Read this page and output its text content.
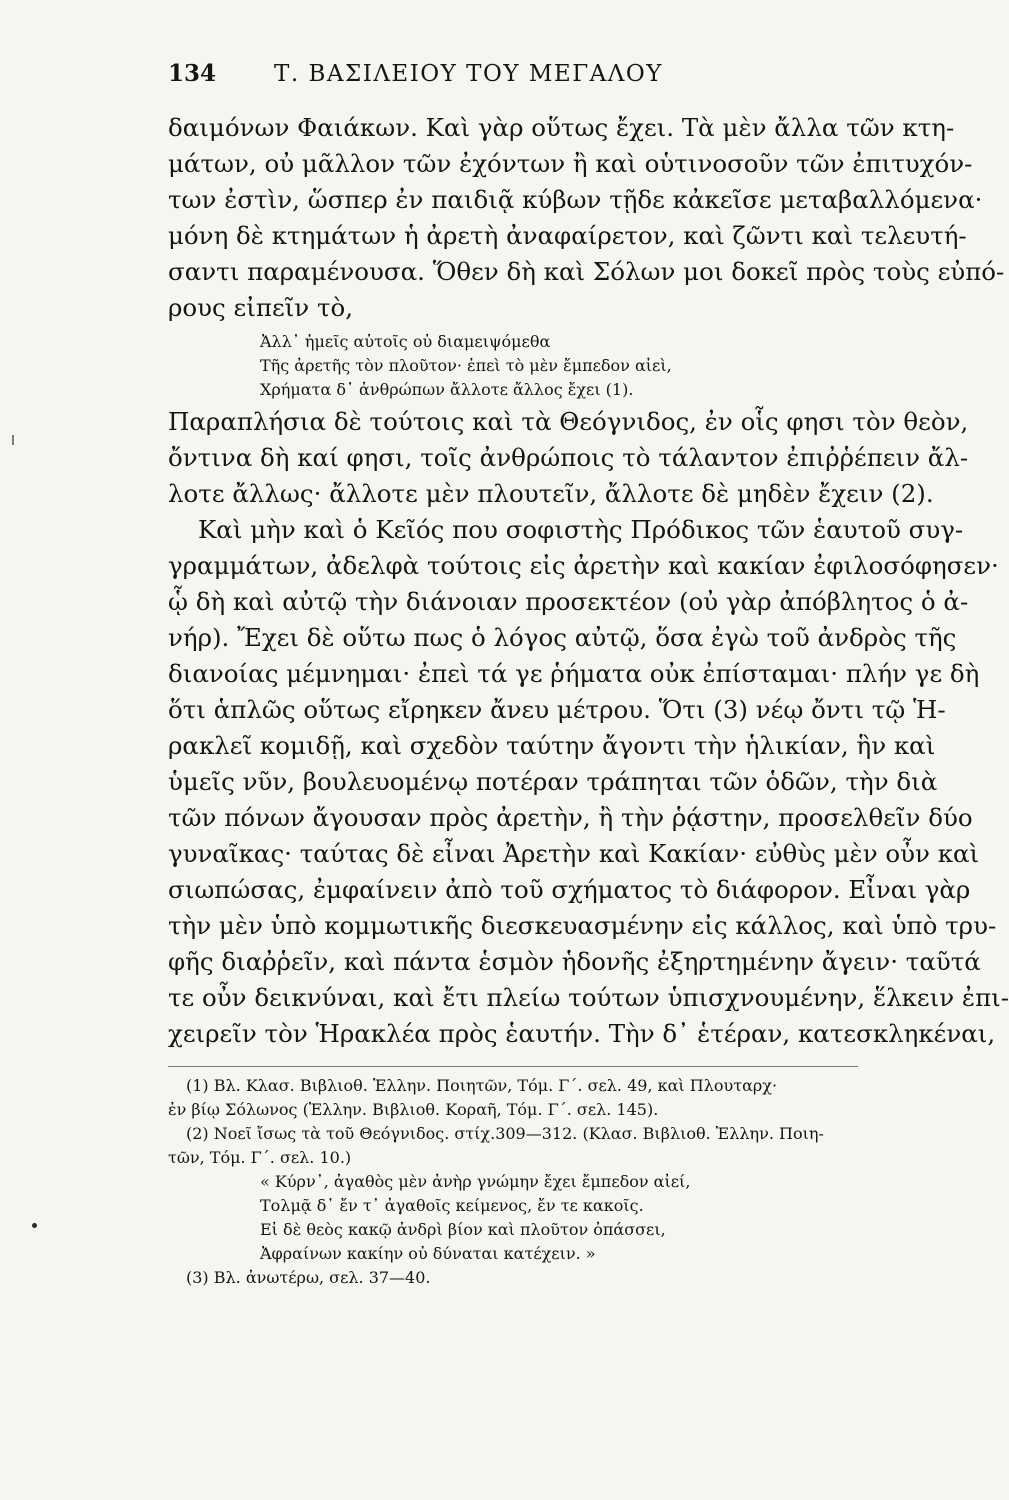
134	Τ. ΒΑΣΙΛΕΙΟΥ ΤΟΥ ΜΕΓΑΛΟΥ
δαιμόνων Φαιάκων. Καὶ γὰρ οὕτως ἔχει. Τὰ μὲν ἄλλα τῶν κτη-
μάτων, οὐ μᾶλλον τῶν ἐχόντων ἢ καὶ οὑτινοσοῦν τῶν ἐπιτυχόν-
των ἐστὶν, ὥσπερ ἐν παιδιᾷ κύβων τῇδε κἀκεῖσε μεταβαλλόμενα·
μόνη δὲ κτημάτων ἡ ἀρετὴ ἀναφαίρετον, καὶ ζῶντι καὶ τελευτή-
σαντι παραμένουσα. Ὅθεν δὴ καὶ Σόλων μοι δοκεῖ πρὸς τοὺς εὐπό-
ρους εἰπεῖν τὸ,
Ἀλλ᾽ ἡμεῖς αὐτοῖς οὐ διαμειψόμεθα
Τῆς ἀρετῆς τὸν πλοῦτον· ἐπεὶ τὸ μὲν ἔμπεδον αἰεὶ,
Χρήματα δ᾽ ἀνθρώπων ἄλλοτε ἄλλος ἔχει (1).
Παραπλήσια δὲ τούτοις καὶ τὰ Θεόγνιδος, ἐν οἷς φησι τὸν θεὸν,
ὄντινα δὴ καί φησι, τοῖς ἀνθρώποις τὸ τάλαντον ἐπιῤῥέπειν ἄλ-
λοτε ἄλλως· ἄλλοτε μὲν πλουτεῖν, ἄλλοτε δὲ μηδὲν ἔχειν (2).
Καὶ μὴν καὶ ὁ Κεῖός που σοφιστὴς Πρόδικος τῶν ἑαυτοῦ συγ-
γραμμάτων, ἀδελφὰ τούτοις εἰς ἀρετὴν καὶ κακίαν ἐφιλοσόφησεν·
ᾧ δὴ καὶ αὐτῷ τὴν διάνοιαν προσεκτέον (οὐ γὰρ ἀπόβλητος ὁ ἀ-
νήρ). Ἔχει δὲ οὕτω πως ὁ λόγος αὐτῷ, ὅσα ἐγὼ τοῦ ἀνδρὸς τῆς
διανοίας μέμνημαι· ἐπεὶ τά γε ῥήματα οὐκ ἐπίσταμαι· πλήν γε δὴ
ὅτι ἁπλῶς οὕτως εἴρηκεν ἄνευ μέτρου. Ὅτι (3) νέῳ ὄντι τῷ Ἡ-
ρακλεῖ κομιδῇ, καὶ σχεδὸν ταύτην ἄγοντι τὴν ἡλικίαν, ἣν καὶ
ὑμεῖς νῦν, βουλευομένῳ ποτέραν τράπηται τῶν ὁδῶν, τὴν διὰ
τῶν πόνων ἄγουσαν πρὸς ἀρετὴν, ἢ τὴν ῥᾴστην, προσελθεῖν δύο
γυναῖκας· ταύτας δὲ εἶναι Ἀρετὴν καὶ Κακίαν· εὐθὺς μὲν οὖν καὶ
σιωπώσας, ἐμφαίνειν ἀπὸ τοῦ σχήματος τὸ διάφορον. Εἶναι γὰρ
τὴν μὲν ὑπὸ κομμωτικῆς διεσκευασμένην εἰς κάλλος, καὶ ὑπὸ τρυ-
φῆς διαῤῥεῖν, καὶ πάντα ἑσμὸν ἡδονῆς ἐξηρτημένην ἄγειν· ταῦτά
τε οὖν δεικνύναι, καὶ ἔτι πλείω τούτων ὑπισχνουμένην, ἕλκειν ἐπι-
χειρεῖν τὸν Ἡρακλέα πρὸς ἑαυτήν. Τὴν δ᾽ ἑτέραν, κατεσκληκέναι,
(1) Βλ. Κλασ. Βιβλιοθ. Ἑλλην. Ποιητῶν, Τόμ. Γ΄. σελ. 49, καὶ Πλουταρχ·
ἐν βίῳ Σόλωνος (Ἑλλην. Βιβλιοθ. Κοραῆ, Τόμ. Γ΄. σελ. 145).
(2) Νοεῖ ἴσως τὰ τοῦ Θεόγνιδος. στίχ.309—312. (Κλασ. Βιβλιοθ. Ἑλλην. Ποιη-
τῶν, Τόμ. Γ΄. σελ. 10.)
« Κύρν᾽, ἀγαθὸς μὲν ἀνὴρ γνώμην ἔχει ἔμπεδον αἰεί,
Τολμᾷ δ᾽ ἔν τ᾽ ἀγαθοῖς κείμενος, ἔν τε κακοῖς.
Εἰ δὲ θεὸς κακῷ ἀνδρὶ βίον καὶ πλοῦτον ὀπάσσει,
Ἀφραίνων κακίην οὐ δύναται κατέχειν. »
(3) Βλ. ἀνωτέρω, σελ. 37—40.
